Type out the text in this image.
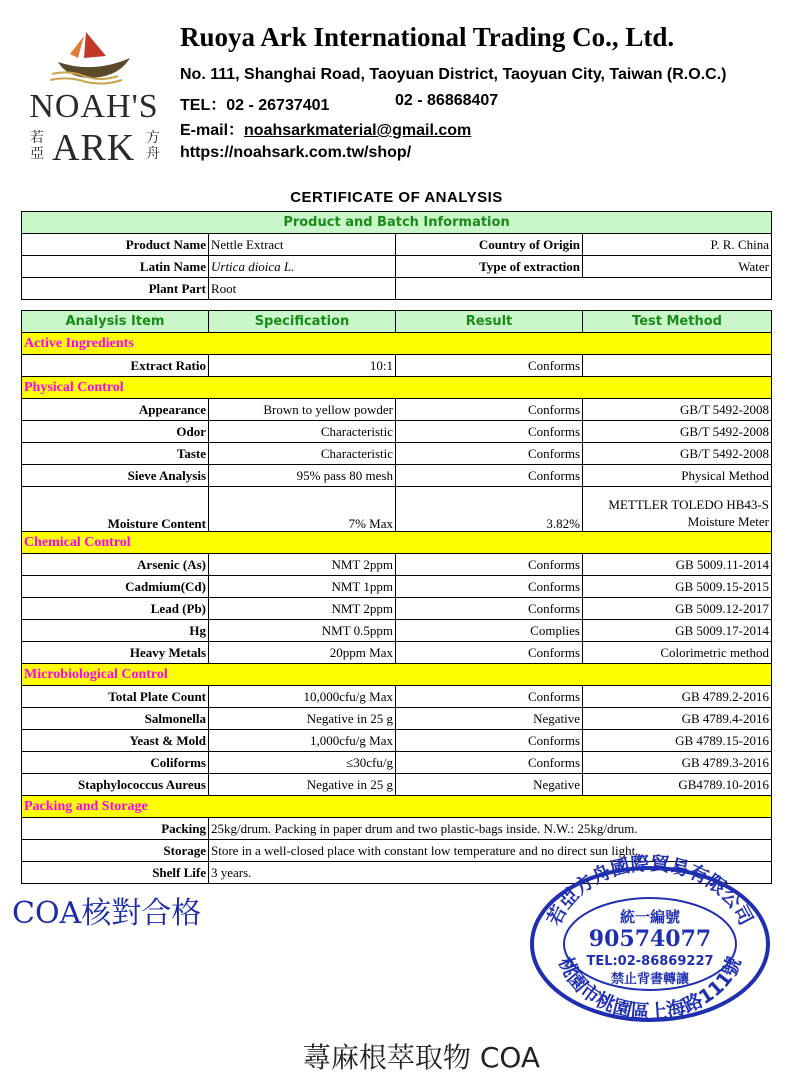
NOAH'S
若亞 ARK 方舟
Ruoya Ark International Trading Co., Ltd.
No. 111, Shanghai Road, Taoyuan District, Taoyuan City, Taiwan (R.O.C.)
TEL：02 - 26737401	02 - 86868407
E-mail：noahsarkmaterial@gmail.com
https://noahsark.com.tw/shop/
CERTIFICATE OF ANALYSIS
Product and Batch Information			
Product Name	Nettle Extract	Country of Origin	P. R. China
Latin Name	Urtica dioica L.	Type of extraction	Water
Plant Part	Root		
Analysis Item	Specification	Result	Test Method
Active Ingredients			
Extract Ratio	10:1	Conforms	
Physical Control			
Appearance	Brown to yellow powder	Conforms	GB/T 5492-2008
Odor	Characteristic	Conforms	GB/T 5492-2008
Taste	Characteristic	Conforms	GB/T 5492-2008
Sieve Analysis	95% pass 80 mesh	Conforms	Physical Method
Moisture Content	7% Max	3.82%	METTLER TOLEDO HB43-S
Moisture Meter

Chemical Control			
Arsenic (As)	NMT 2ppm	Conforms	GB 5009.11-2014
Cadmium(Cd)	NMT 1ppm	Conforms	GB 5009.15-2015
Lead (Pb)	NMT 2ppm	Conforms	GB 5009.12-2017
Hg	NMT 0.5ppm	Complies	GB 5009.17-2014
Heavy Metals	20ppm Max	Conforms	Colorimetric method
Microbiological Control			
Total Plate Count	10,000cfu/g Max	Conforms	GB 4789.2-2016
Salmonella	Negative in 25 g	Negative	GB 4789.4-2016
Yeast & Mold	1,000cfu/g Max	Conforms	GB 4789.15-2016
Coliforms	≤30cfu/g	Conforms	GB 4789.3-2016
Staphylococcus Aureus	Negative in 25 g	Negative	GB4789.10-2016
Packing and Storage			
Packing	25kg/drum. Packing in paper drum and two plastic-bags inside. N.W.: 25kg/drum.		
Storage	Store in a well-closed place with constant low temperature and no direct sun light.		
Shelf Life	3 years.		
COA核對合格	若亞方舟國際貿易有限公司
桃園市桃園區上海路111號
統一編號
90574077
TEL:02-86869227
禁止背書轉讓
蕁麻根萃取物 COA
